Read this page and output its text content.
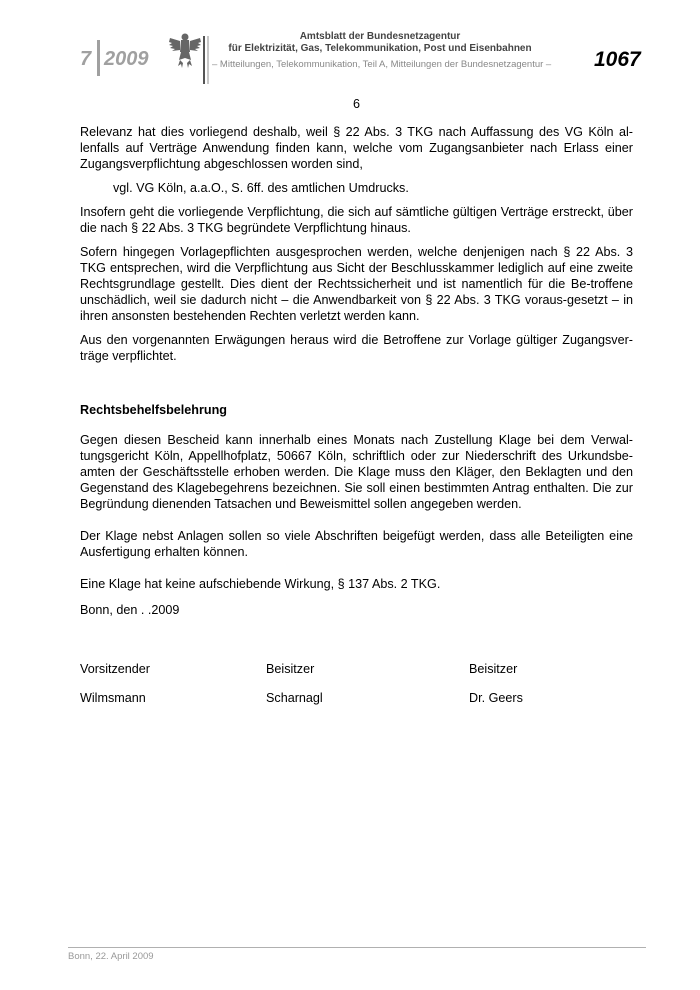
7 2009
Amtsblatt der Bundesnetzagentur
für Elektrizität, Gas, Telekommunikation, Post und Eisenbahnen
– Mitteilungen, Telekommunikation, Teil A, Mitteilungen der Bundesnetzagentur – 1067
6

Relevanz hat dies vorliegend deshalb, weil § 22 Abs. 3 TKG nach Auffassung des VG Köln al-lenfalls auf Verträge Anwendung finden kann, welche vom Zugangsanbieter nach Erlass einer Zugangsverpflichtung abgeschlossen worden sind,

vgl. VG Köln, a.a.O., S. 6ff. des amtlichen Umdrucks.

Insofern geht die vorliegende Verpflichtung, die sich auf sämtliche gültigen Verträge erstreckt, über die nach § 22 Abs. 3 TKG begründete Verpflichtung hinaus.

Sofern hingegen Vorlagepflichten ausgesprochen werden, welche denjenigen nach § 22 Abs. 3 TKG entsprechen, wird die Verpflichtung aus Sicht der Beschlusskammer lediglich auf eine zweite Rechtsgrundlage gestellt. Dies dient der Rechtssicherheit und ist namentlich für die Be-troffene unschädlich, weil sie dadurch nicht – die Anwendbarkeit von § 22 Abs. 3 TKG voraus-gesetzt – in ihren ansonsten bestehenden Rechten verletzt werden kann.

Aus den vorgenannten Erwägungen heraus wird die Betroffene zur Vorlage gültiger Zugangsver-träge verpflichtet.

Rechtsbehelfsbelehrung

Gegen diesen Bescheid kann innerhalb eines Monats nach Zustellung Klage bei dem Verwal-tungsgericht Köln, Appellhofplatz, 50667 Köln, schriftlich oder zur Niederschrift des Urkundsbe-amten der Geschäftsstelle erhoben werden. Die Klage muss den Kläger, den Beklagten und den Gegenstand des Klagebegehrens bezeichnen. Sie soll einen bestimmten Antrag enthalten. Die zur Begründung dienenden Tatsachen und Beweismittel sollen angegeben werden.

Der Klage nebst Anlagen sollen so viele Abschriften beigefügt werden, dass alle Beteiligten eine Ausfertigung erhalten können.

Eine Klage hat keine aufschiebende Wirkung, § 137 Abs. 2 TKG.

Bonn, den . .2009
Vorsitzender	Beisitzer	Beisitzer
Wilmsmann	Scharnagl	Dr. Geers
Bonn, 22. April 2009
